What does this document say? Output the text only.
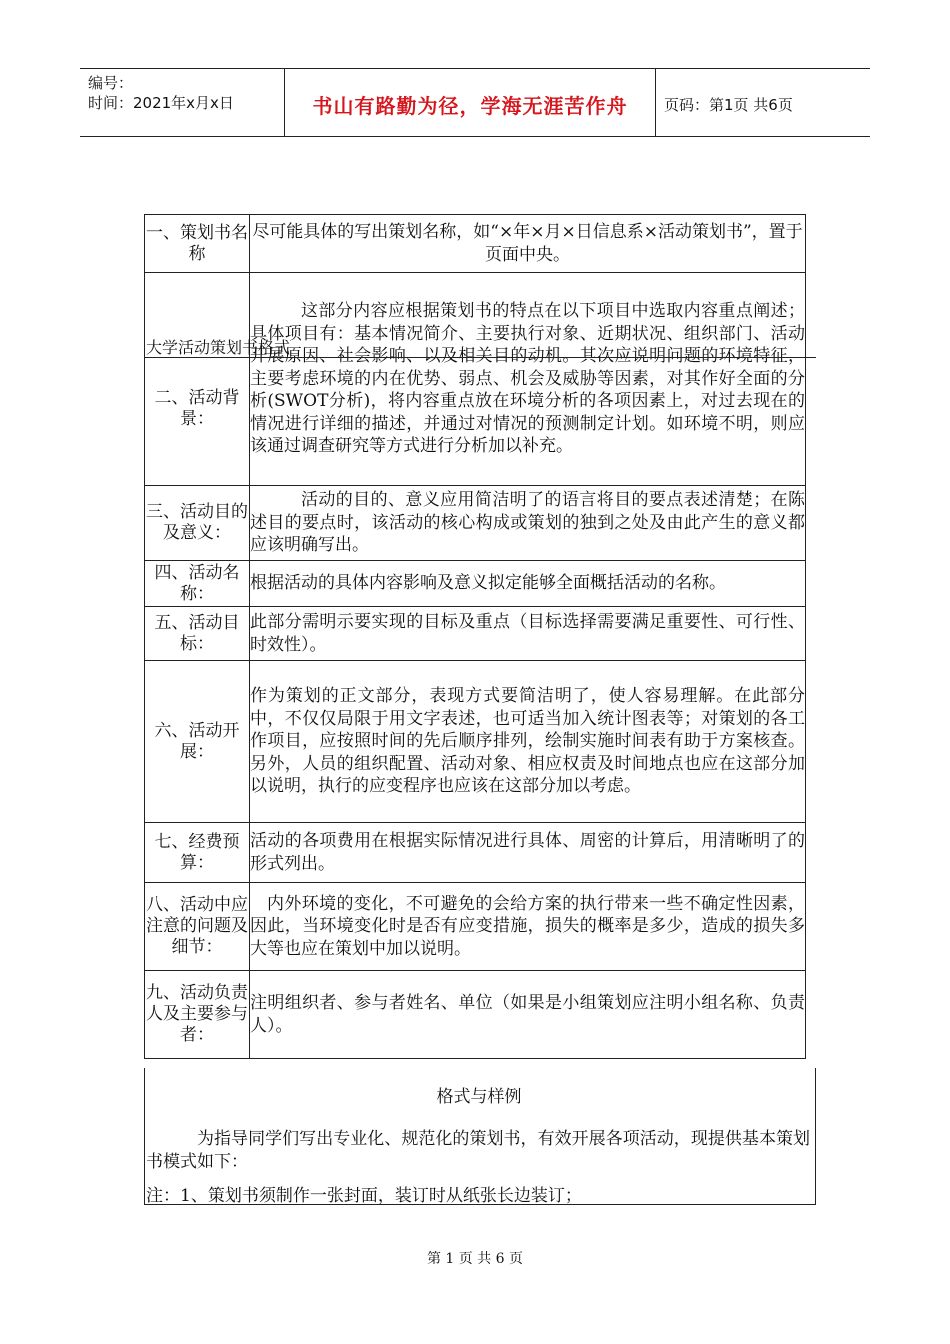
编号：
时间：2021年x月x日	书山有路勤为径，学海无涯苦作舟	页码：第1页 共6页
一、策划书名称	尽可能具体的写出策划名称，如“×年×月×日信息系×活动策划书”，置于页面中央。
二、活动背景：	这部分内容应根据策划书的特点在以下项目中选取内容重点阐述；具体项目有：基本情况简介、主要执行对象、近期状况、组织部门、活动开展原因、社会影响、以及相关目的动机。其次应说明问题的环境特征，主要考虑环境的内在优势、弱点、机会及威胁等因素，对其作好全面的分析(SWOT分析)，将内容重点放在环境分析的各项因素上，对过去现在的情况进行详细的描述，并通过对情况的预测制定计划。如环境不明，则应该通过调查研究等方式进行分析加以补充。

三、活动目的及意义：	活动的目的、意义应用简洁明了的语言将目的要点表述清楚；在陈述目的要点时，该活动的核心构成或策划的独到之处及由此产生的意义都应该明确写出。

四、活动名称：	根据活动的具体内容影响及意义拟定能够全面概括活动的名称。
五、活动目标：	此部分需明示要实现的目标及重点（目标选择需要满足重要性、可行性、时效性）。
六、活动开展：	作为策划的正文部分，表现方式要简洁明了，使人容易理解。在此部分中，不仅仅局限于用文字表述，也可适当加入统计图表等；对策划的各工作项目，应按照时间的先后顺序排列，绘制实施时间表有助于方案核查。另外，人员的组织配置、活动对象、相应权责及时间地点也应在这部分加以说明，执行的应变程序也应该在这部分加以考虑。
七、经费预算：	活动的各项费用在根据实际情况进行具体、周密的计算后，用清晰明了的形式列出。
八、活动中应注意的问题及细节：	内外环境的变化，不可避免的会给方案的执行带来一些不确定性因素，因此，当环境变化时是否有应变措施，损失的概率是多少，造成的损失多大等也应在策划中加以说明。
九、活动负责人及主要参与者：	注明组织者、参与者姓名、单位（如果是小组策划应注明小组名称、负责人）。
大学活动策划书格式
格式与样例
为指导同学们写出专业化、规范化的策划书，有效开展各项活动，现提供基本策划书模式如下：
注：1、策划书须制作一张封面，装订时从纸张长边装订；
第 1 页 共 6 页
